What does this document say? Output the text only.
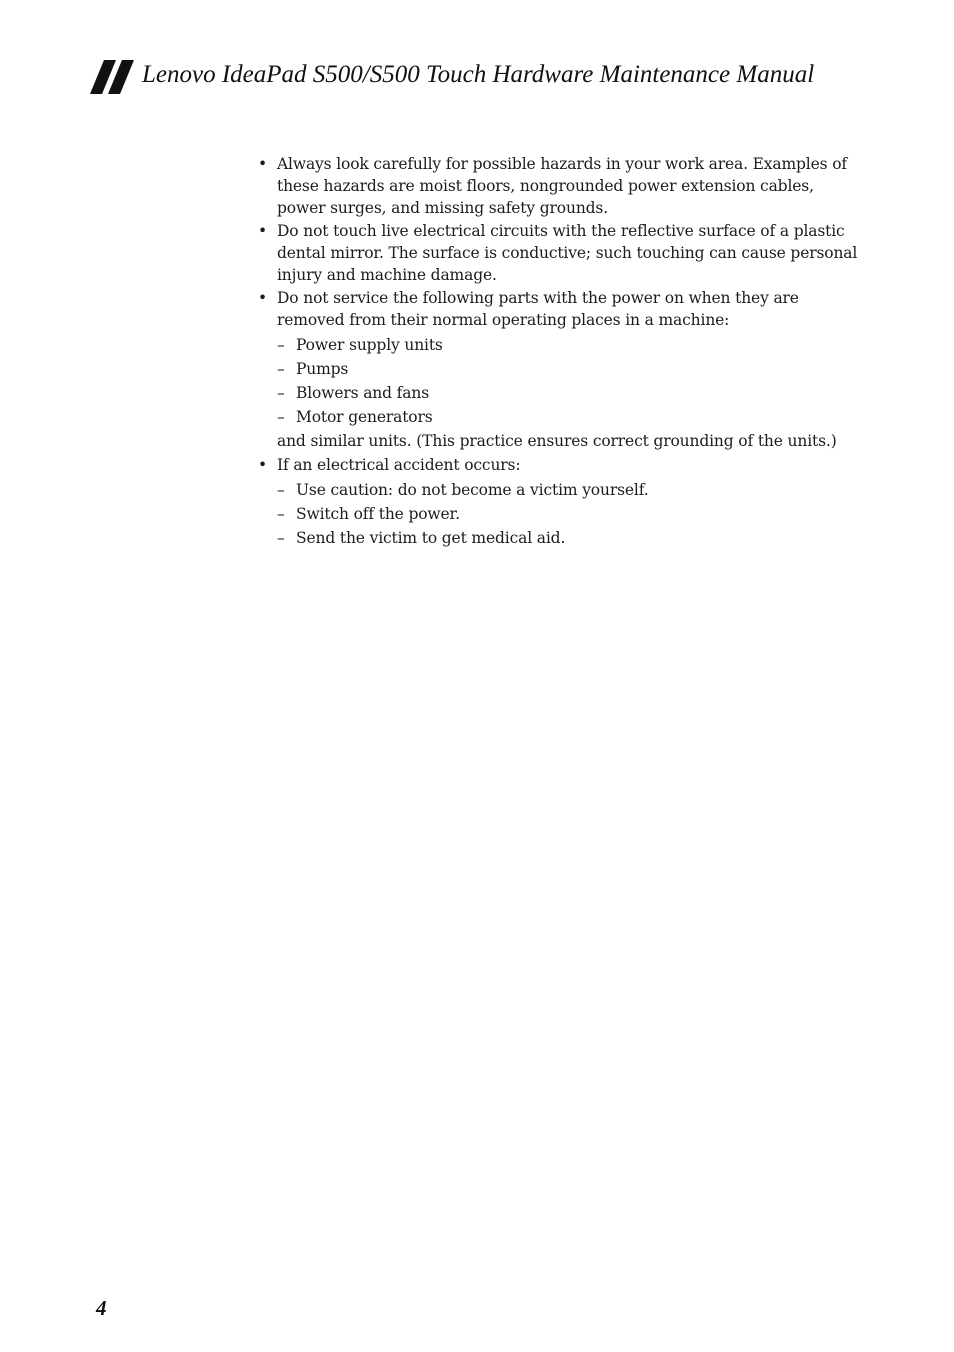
Lenovo IdeaPad S500/S500 Touch Hardware Maintenance Manual
• Always look carefully for possible hazards in your work area. Examples of these hazards are moist floors, nongrounded power extension cables, power surges, and missing safety grounds.
• Do not touch live electrical circuits with the reflective surface of a plastic dental mirror. The surface is conductive; such touching can cause personal injury and machine damage.
• Do not service the following parts with the power on when they are removed from their normal operating places in a machine:
– Power supply units
– Pumps
– Blowers and fans
– Motor generators
and similar units. (This practice ensures correct grounding of the units.)
• If an electrical accident occurs:
– Use caution: do not become a victim yourself.
– Switch off the power.
– Send the victim to get medical aid.
4
